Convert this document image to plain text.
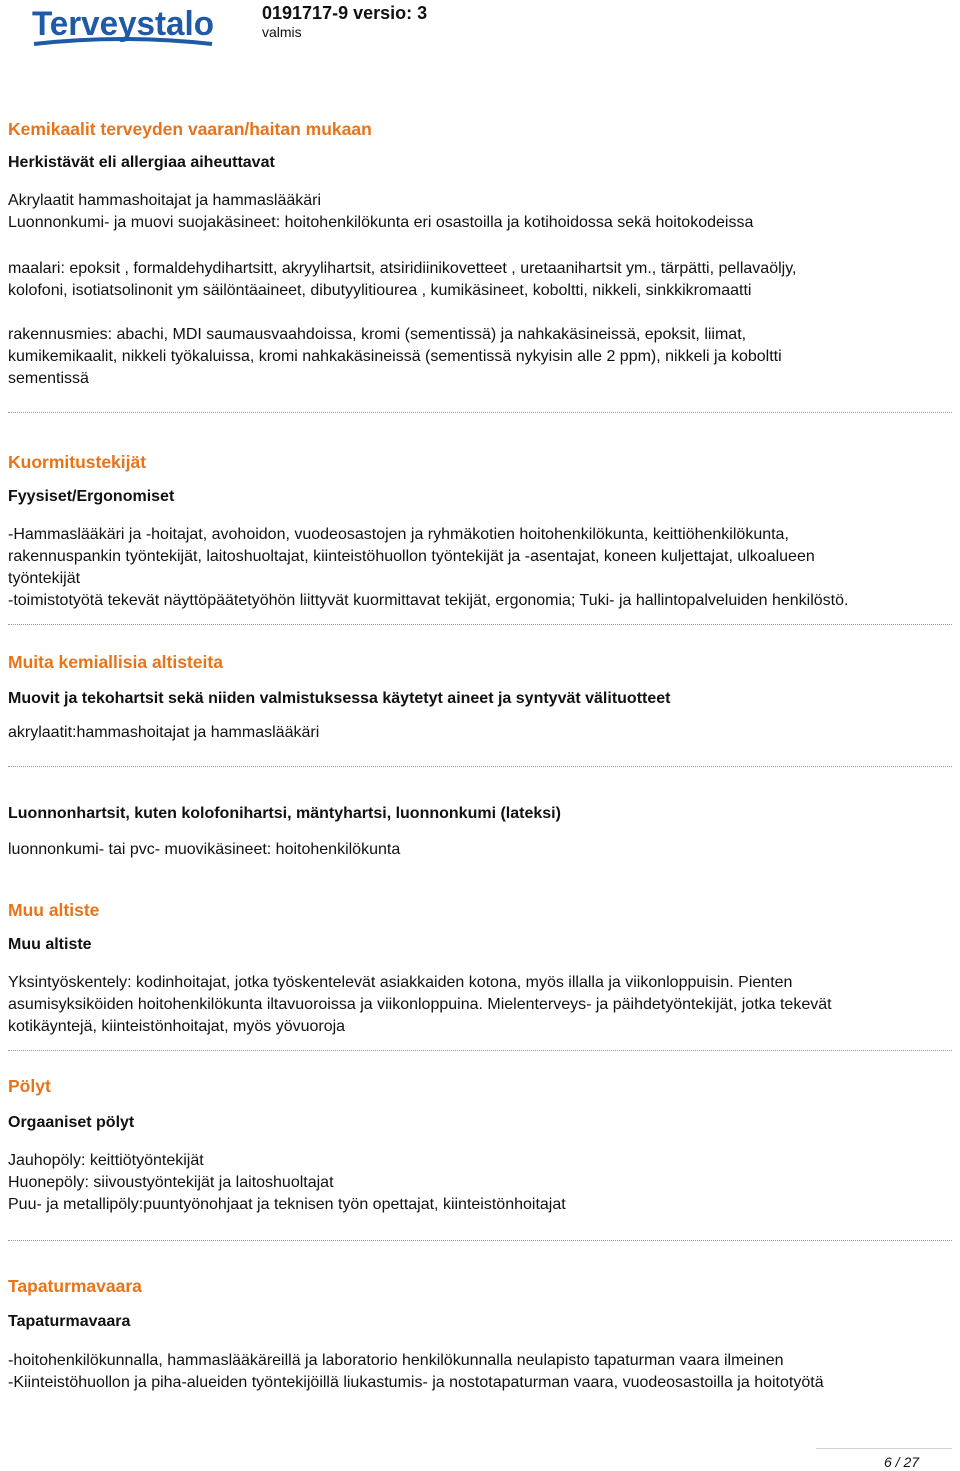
Terveystalo	0191717-9 versio: 3
valmis
Kemikaalit terveyden vaaran/haitan mukaan
Herkistävät eli allergiaa aiheuttavat
Akrylaatit hammashoitajat ja hammaslääkäri
Luonnonkumi- ja muovi suojakäsineet: hoitohenkilökunta eri osastoilla ja kotihoidossa sekä hoitokodeissa
maalari: epoksit , formaldehydihartsitt, akryylihartsit, atsiridiinikovetteet , uretaanihartsit ym., tärpätti, pellavaöljy,
kolofoni, isotiatsolinonit ym säilöntäaineet, dibutyylitiourea , kumikäsineet, koboltti, nikkeli, sinkkikromaatti
rakennusmies: abachi, MDI saumausvaahdoissa, kromi (sementissä) ja nahkakäsineissä, epoksit, liimat,
kumikemikaalit, nikkeli työkaluissa, kromi nahkakäsineissä (sementissä nykyisin alle 2 ppm), nikkeli ja koboltti
sementissä
Kuormitustekijät
Fyysiset/Ergonomiset
-Hammaslääkäri ja -hoitajat, avohoidon, vuodeosastojen ja ryhmäkotien hoitohenkilökunta, keittiöhenkilökunta,
rakennuspankin työntekijät, laitoshuoltajat, kiinteistöhuollon työntekijät ja -asentajat, koneen kuljettajat, ulkoalueen
työntekijät
-toimistotyötä tekevät näyttöpäätetyöhön liittyvät kuormittavat tekijät, ergonomia; Tuki- ja hallintopalveluiden henkilöstö.
Muita kemiallisia altisteita
Muovit ja tekohartsit sekä niiden valmistuksessa käytetyt aineet ja syntyvät välituotteet
akrylaatit:hammashoitajat ja hammaslääkäri
Luonnonhartsit, kuten kolofonihartsi, mäntyhartsi, luonnonkumi (lateksi)
luonnonkumi- tai pvc- muovikäsineet: hoitohenkilökunta
Muu altiste
Muu altiste
Yksintyöskentely: kodinhoitajat, jotka työskentelevät asiakkaiden kotona, myös illalla ja viikonloppuisin. Pienten
asumisyksiköiden hoitohenkilökunta iltavuoroissa ja viikonloppuina. Mielenterveys- ja päihdetyöntekijät, jotka tekevät
kotikäyntejä, kiinteistönhoitajat, myös yövuoroja
Pölyt
Orgaaniset pölyt
Jauhopöly: keittiötyöntekijät
Huonepöly: siivoustyöntekijät ja laitoshuoltajat
Puu- ja metallipöly:puuntyönohjaat ja teknisen työn opettajat, kiinteistönhoitajat
Tapaturmavaara
Tapaturmavaara
-hoitohenkilökunnalla, hammaslääkäreillä ja laboratorio henkilökunnalla neulapisto tapaturman vaara ilmeinen
-Kiinteistöhuollon ja piha-alueiden työntekijöillä liukastumis- ja nostotapaturman vaara, vuodeosastoilla ja hoitotyötä
6 / 27
